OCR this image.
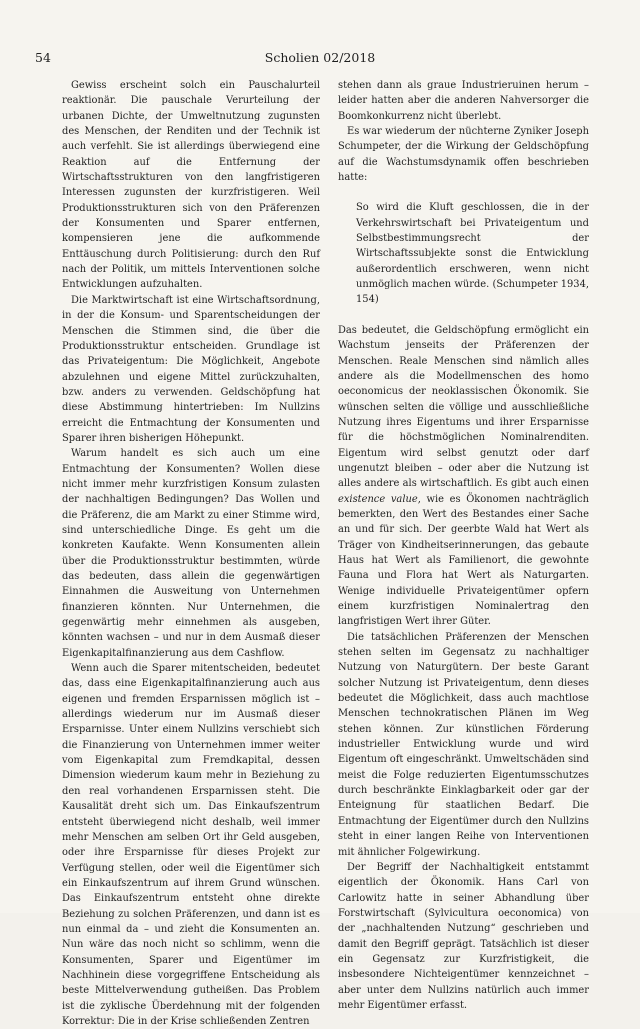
54	Scholien 02/2018

Gewiss erscheint solch ein Pauschalurteil reaktionär. Die pauschale Verurteilung der urbanen Dichte, der Umweltnutzung zugunsten des Menschen, der Renditen und der Technik ist auch verfehlt. Sie ist allerdings überwiegend eine Reaktion auf die Entfernung der Wirtschaftsstrukturen von den langfristigeren Interessen zugunsten der kurzfristigeren. Weil Produktionsstrukturen sich von den Präferenzen der Konsumenten und Sparer entfernen, kompensieren jene die aufkommende Enttäuschung durch Politisierung: durch den Ruf nach der Politik, um mittels Interventionen solche Entwicklungen aufzuhalten.

Die Marktwirtschaft ist eine Wirtschaftsordnung, in der die Konsum- und Sparentscheidungen der Menschen die Stimmen sind, die über die Produktionsstruktur entscheiden. Grundlage ist das Privateigentum: Die Möglichkeit, Angebote abzulehnen und eigene Mittel zurückzuhalten, bzw. anders zu verwenden. Geldschöpfung hat diese Abstimmung hintertrieben: Im Nullzins erreicht die Entmachtung der Konsumenten und Sparer ihren bisherigen Höhepunkt.

Warum handelt es sich auch um eine Entmachtung der Konsumenten? Wollen diese nicht immer mehr kurzfristigen Konsum zulasten der nachhaltigen Bedingungen? Das Wollen und die Präferenz, die am Markt zu einer Stimme wird, sind unterschiedliche Dinge. Es geht um die konkreten Kaufakte. Wenn Konsumenten allein über die Produktionsstruktur bestimmten, würde das bedeuten, dass allein die gegenwärtigen Einnahmen die Ausweitung von Unternehmen finanzieren könnten. Nur Unternehmen, die gegenwärtig mehr einnehmen als ausgeben, könnten wachsen – und nur in dem Ausmaß dieser Eigenkapitalfinanzierung aus dem Cashflow.

Wenn auch die Sparer mitentscheiden, bedeutet das, dass eine Eigenkapitalfinanzierung auch aus eigenen und fremden Ersparnissen möglich ist – allerdings wiederum nur im Ausmaß dieser Ersparnisse. Unter einem Nullzins verschiebt sich die Finanzierung von Unternehmen immer weiter vom Eigenkapital zum Fremdkapital, dessen Dimension wiederum kaum mehr in Beziehung zu den real vorhandenen Ersparnissen steht. Die Kausalität dreht sich um. Das Einkaufszentrum entsteht überwiegend nicht deshalb, weil immer mehr Menschen am selben Ort ihr Geld ausgeben, oder ihre Ersparnisse für dieses Projekt zur Verfügung stellen, oder weil die Eigentümer sich ein Einkaufszentrum auf ihrem Grund wünschen. Das Einkaufszentrum entsteht ohne direkte Beziehung zu solchen Präferenzen, und dann ist es nun einmal da – und zieht die Konsumenten an. Nun wäre das noch nicht so schlimm, wenn die Konsumenten, Sparer und Eigentümer im Nachhinein diese vorgegriffene Entscheidung als beste Mittelverwendung gutheißen. Das Problem ist die zyklische Überdehnung mit der folgenden Korrektur: Die in der Krise schließenden Zentren

stehen dann als graue Industrieruinen herum – leider hatten aber die anderen Nahversorger die Boomkonkurrenz nicht überlebt.

Es war wiederum der nüchterne Zyniker Joseph Schumpeter, der die Wirkung der Geldschöpfung auf die Wachstumsdynamik offen beschrieben hatte:

So wird die Kluft geschlossen, die in der Verkehrswirtschaft bei Privateigentum und Selbstbestimmungsrecht der Wirtschaftssubjekte sonst die Entwicklung außerordentlich erschweren, wenn nicht unmöglich machen würde. (Schumpeter 1934, 154)

Das bedeutet, die Geldschöpfung ermöglicht ein Wachstum jenseits der Präferenzen der Menschen. Reale Menschen sind nämlich alles andere als die Modellmenschen des homo oeconomicus der neoklassischen Ökonomik. Sie wünschen selten die völlige und ausschließliche Nutzung ihres Eigentums und ihrer Ersparnisse für die höchstmöglichen Nominalrenditen. Eigentum wird selbst genutzt oder darf ungenutzt bleiben – oder aber die Nutzung ist alles andere als wirtschaftlich. Es gibt auch einen existence value, wie es Ökonomen nachträglich bemerkten, den Wert des Bestandes einer Sache an und für sich. Der geerbte Wald hat Wert als Träger von Kindheitserinnerungen, das gebaute Haus hat Wert als Familienort, die gewohnte Fauna und Flora hat Wert als Naturgarten. Wenige individuelle Privateigentümer opfern einem kurzfristigen Nominalertrag den langfristigen Wert ihrer Güter.

Die tatsächlichen Präferenzen der Menschen stehen selten im Gegensatz zu nachhaltiger Nutzung von Naturgütern. Der beste Garant solcher Nutzung ist Privateigentum, denn dieses bedeutet die Möglichkeit, dass auch machtlose Menschen technokratischen Plänen im Weg stehen können. Zur künstlichen Förderung industrieller Entwicklung wurde und wird Eigentum oft eingeschränkt. Umweltschäden sind meist die Folge reduzierten Eigentumsschutzes durch beschränkte Einklagbarkeit oder gar der Enteignung für staatlichen Bedarf. Die Entmachtung der Eigentümer durch den Nullzins steht in einer langen Reihe von Interventionen mit ähnlicher Folgewirkung.

Der Begriff der Nachhaltigkeit entstammt eigentlich der Ökonomik. Hans Carl von Carlowitz hatte in seiner Abhandlung über Forstwirtschaft (Sylvicultura oeconomica) von der „nachhaltenden Nutzung“ geschrieben und damit den Begriff geprägt. Tatsächlich ist dieser ein Gegensatz zur Kurzfristigkeit, die insbesondere Nichteigentümer kennzeichnet – aber unter dem Nullzins natürlich auch immer mehr Eigentümer erfasst.
